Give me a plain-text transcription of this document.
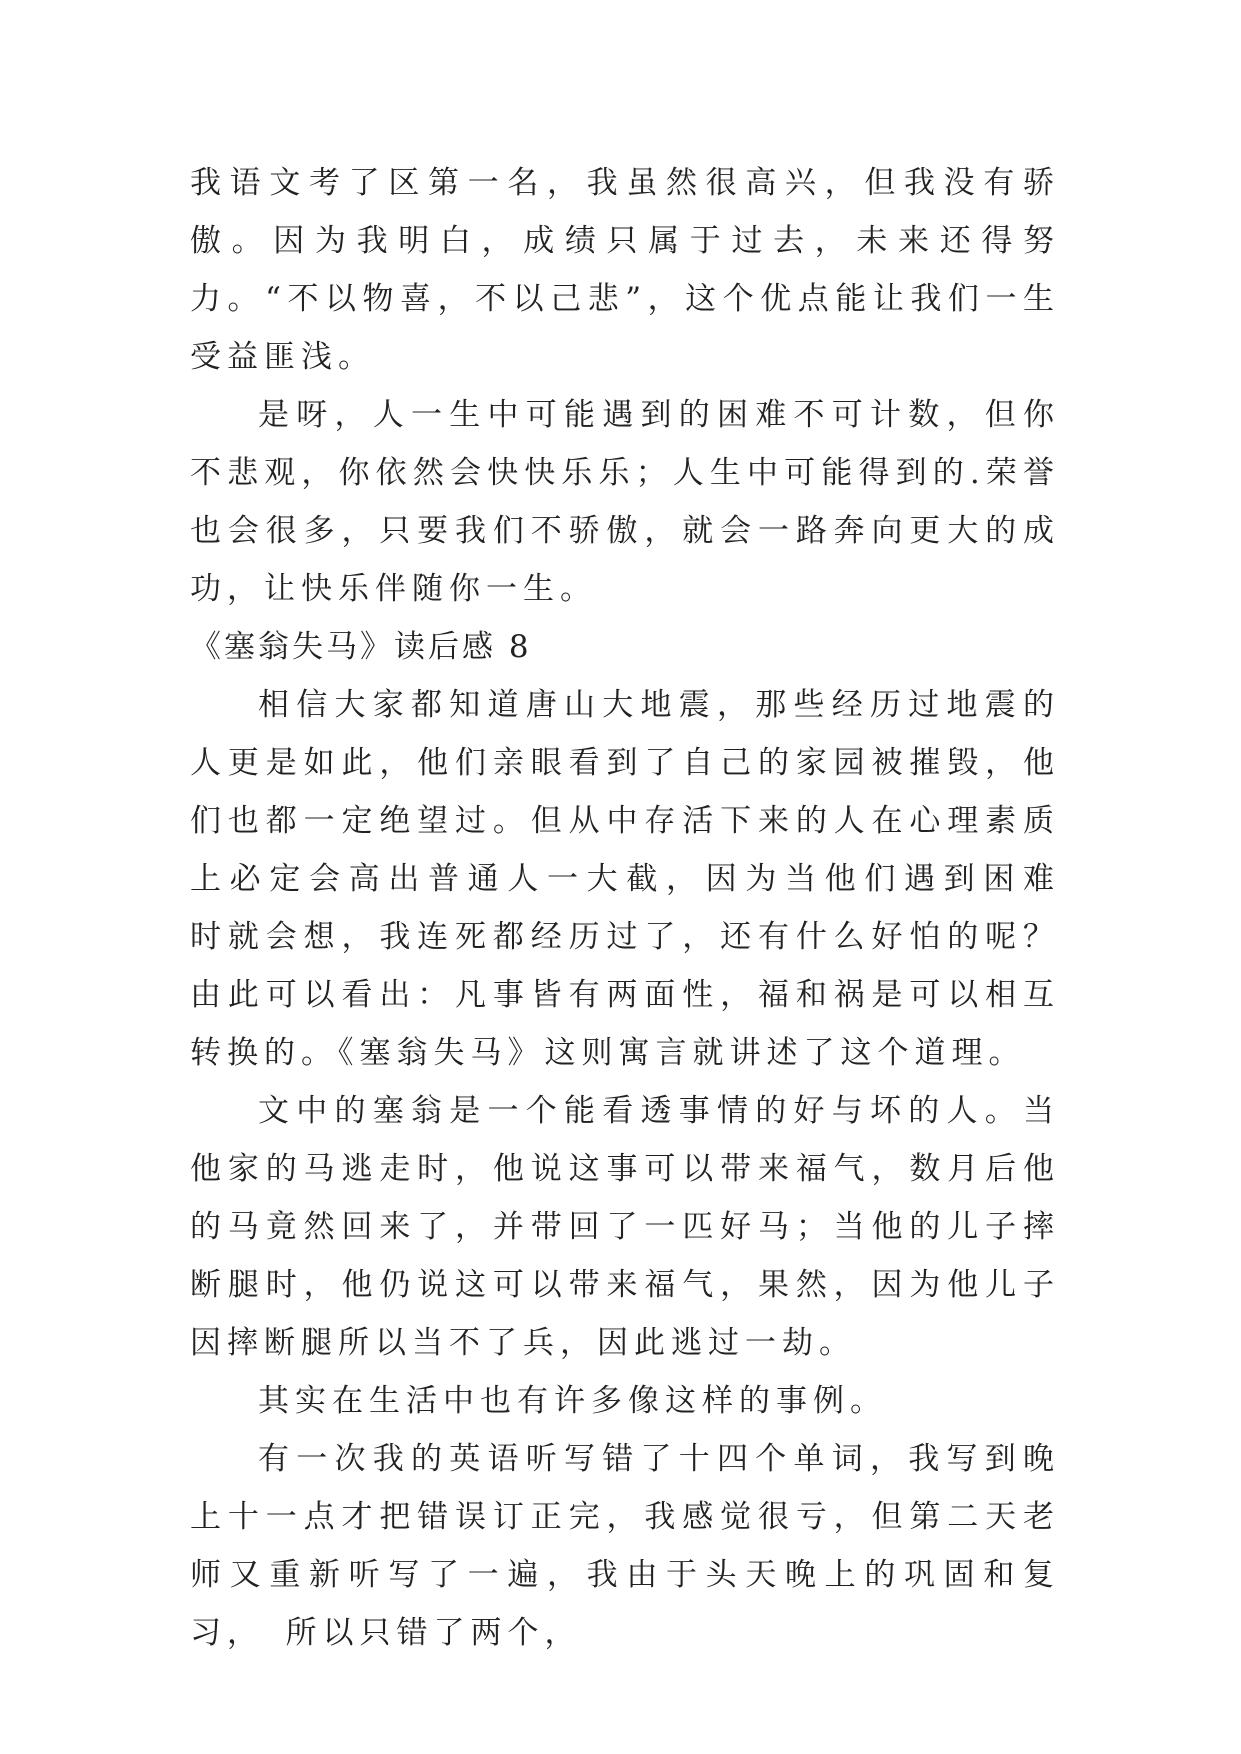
我语文考了区第一名，我虽然很高兴，但我没有骄傲。因为我明白，成绩只属于过去，未来还得努力。“不以物喜，不以己悲”，这个优点能让我们一生受益匪浅。

是呀，人一生中可能遇到的困难不可计数，但你不悲观，你依然会快快乐乐；人生中可能得到的.荣誉也会很多，只要我们不骄傲，就会一路奔向更大的成功，让快乐伴随你一生。

《塞翁失马》读后感 8

相信大家都知道唐山大地震，那些经历过地震的人更是如此，他们亲眼看到了自己的家园被摧毁，他们也都一定绝望过。但从中存活下来的人在心理素质上必定会高出普通人一大截，因为当他们遇到困难　时就会想，我连死都经历过了，还有什么好怕的呢？由此可以看出：凡事皆有两面性，福和祸是可以相互转换的。《塞翁失马》这则寓言就讲述了这个道理。

文中的塞翁是一个能看透事情的好与坏的人。当他家的马逃走时，他说这事可以带来福气，数月后他的马竟然回来了，并带回了一匹好马；当他的儿子摔断腿时，他仍说这可以带来福气，果然，因为他儿子因摔断腿所以当不了兵，因此逃过一劫。

其实在生活中也有许多像这样的事例。

有一次我的英语听写错了十四个单词，我写到晚上十一点才把错误订正完，我感觉很亏，但第二天老师又重新听写了一遍，我由于头天晚上的巩固和复习，　所以只错了两个，
